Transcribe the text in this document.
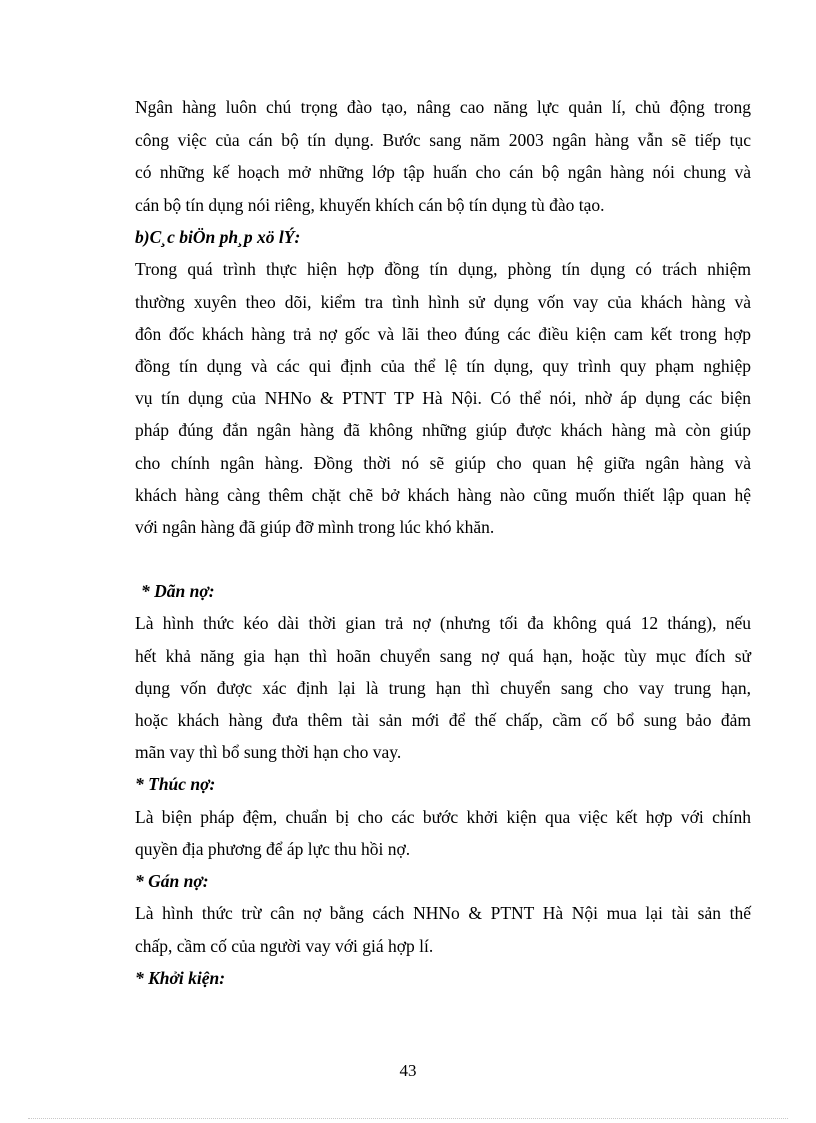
Ngân hàng luôn chú trọng đào tạo, nâng cao năng lực quản lí, chủ động trong
công việc của cán bộ tín dụng. Bước sang năm 2003 ngân hàng vẫn sẽ tiếp tục
có những kế hoạch mở những lớp tập huấn cho cán bộ ngân hàng nói chung và
cán bộ tín dụng nói riêng, khuyến khích cán bộ tín dụng tù đào tạo.
b)C¸c biÖn ph¸p xö lÝ:
Trong quá trình thực hiện hợp đồng tín dụng, phòng tín dụng có trách nhiệm
thường xuyên theo dõi, kiểm tra tình hình sử dụng vốn vay của khách hàng và
đôn đốc khách hàng trả nợ gốc và lãi theo đúng các điều kiện cam kết trong hợp
đồng tín dụng và các qui định của thể lệ tín dụng, quy trình quy phạm nghiệp
vụ tín dụng của NHNo & PTNT TP Hà Nội. Có thể nói, nhờ áp dụng các biện
pháp đúng đắn ngân hàng đã không những giúp được khách hàng mà còn giúp
cho chính ngân hàng. Đồng thời nó sẽ giúp cho quan hệ giữa ngân hàng và
khách hàng càng thêm chặt chẽ bở khách hàng nào cũng muốn thiết lập quan hệ
với ngân hàng đã giúp đỡ mình trong lúc khó khăn.
* Dãn nợ:
Là hình thức kéo dài thời gian trả nợ (nhưng tối đa không quá 12 tháng), nếu
hết khả năng gia hạn thì hoãn chuyển sang nợ quá hạn, hoặc tùy mục đích sử
dụng vốn được xác định lại là trung hạn thì chuyển sang cho vay trung hạn,
hoặc khách hàng đưa thêm tài sản mới để thế chấp, cầm cố bổ sung bảo đảm
mãn vay thì bổ sung thời hạn cho vay.
* Thúc nợ:
Là biện pháp đệm, chuẩn bị cho các bước khởi kiện qua việc kết hợp với chính
quyền địa phương để áp lực thu hồi nợ.
* Gán nợ:
Là hình thức trừ cân nợ bằng cách NHNo & PTNT Hà Nội mua lại tài sản thế
chấp, cầm cố của người vay với giá hợp lí.
* Khởi kiện:
43
